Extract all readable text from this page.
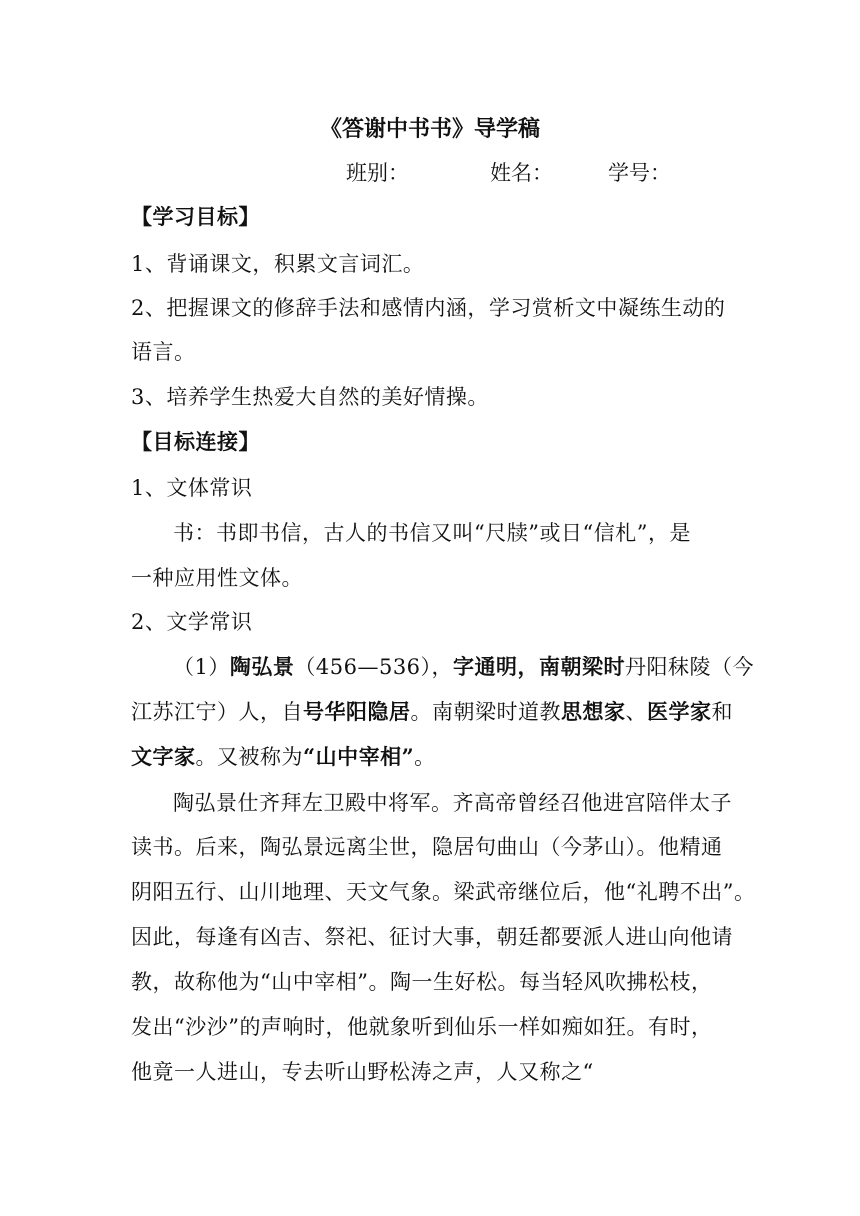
《答谢中书书》导学稿
班别：	姓名：	学号：
【学习目标】
1、背诵课文，积累文言词汇。
2、把握课文的修辞手法和感情内涵，学习赏析文中凝练生动的
语言。
3、培养学生热爱大自然的美好情操。
【目标连接】
1、文体常识
书：书即书信，古人的书信又叫“尺牍”或日“信札”，是
一种应用性文体。
2、文学常识
（1）陶弘景（456—536），字通明，南朝梁时丹阳秣陵（今
江苏江宁）人，自号华阳隐居。南朝梁时道教思想家、医学家和
文字家。又被称为“山中宰相”。
陶弘景仕齐拜左卫殿中将军。齐高帝曾经召他进宫陪伴太子
读书。后来，陶弘景远离尘世，隐居句曲山（今茅山）。他精通
阴阳五行、山川地理、天文气象。梁武帝继位后，他“礼聘不出”。
因此，每逢有凶吉、祭祀、征讨大事，朝廷都要派人进山向他请
教，故称他为“山中宰相”。陶一生好松。每当轻风吹拂松枝，
发出“沙沙”的声响时，他就象听到仙乐一样如痴如狂。有时，
他竟一人进山，专去听山野松涛之声，人又称之“
